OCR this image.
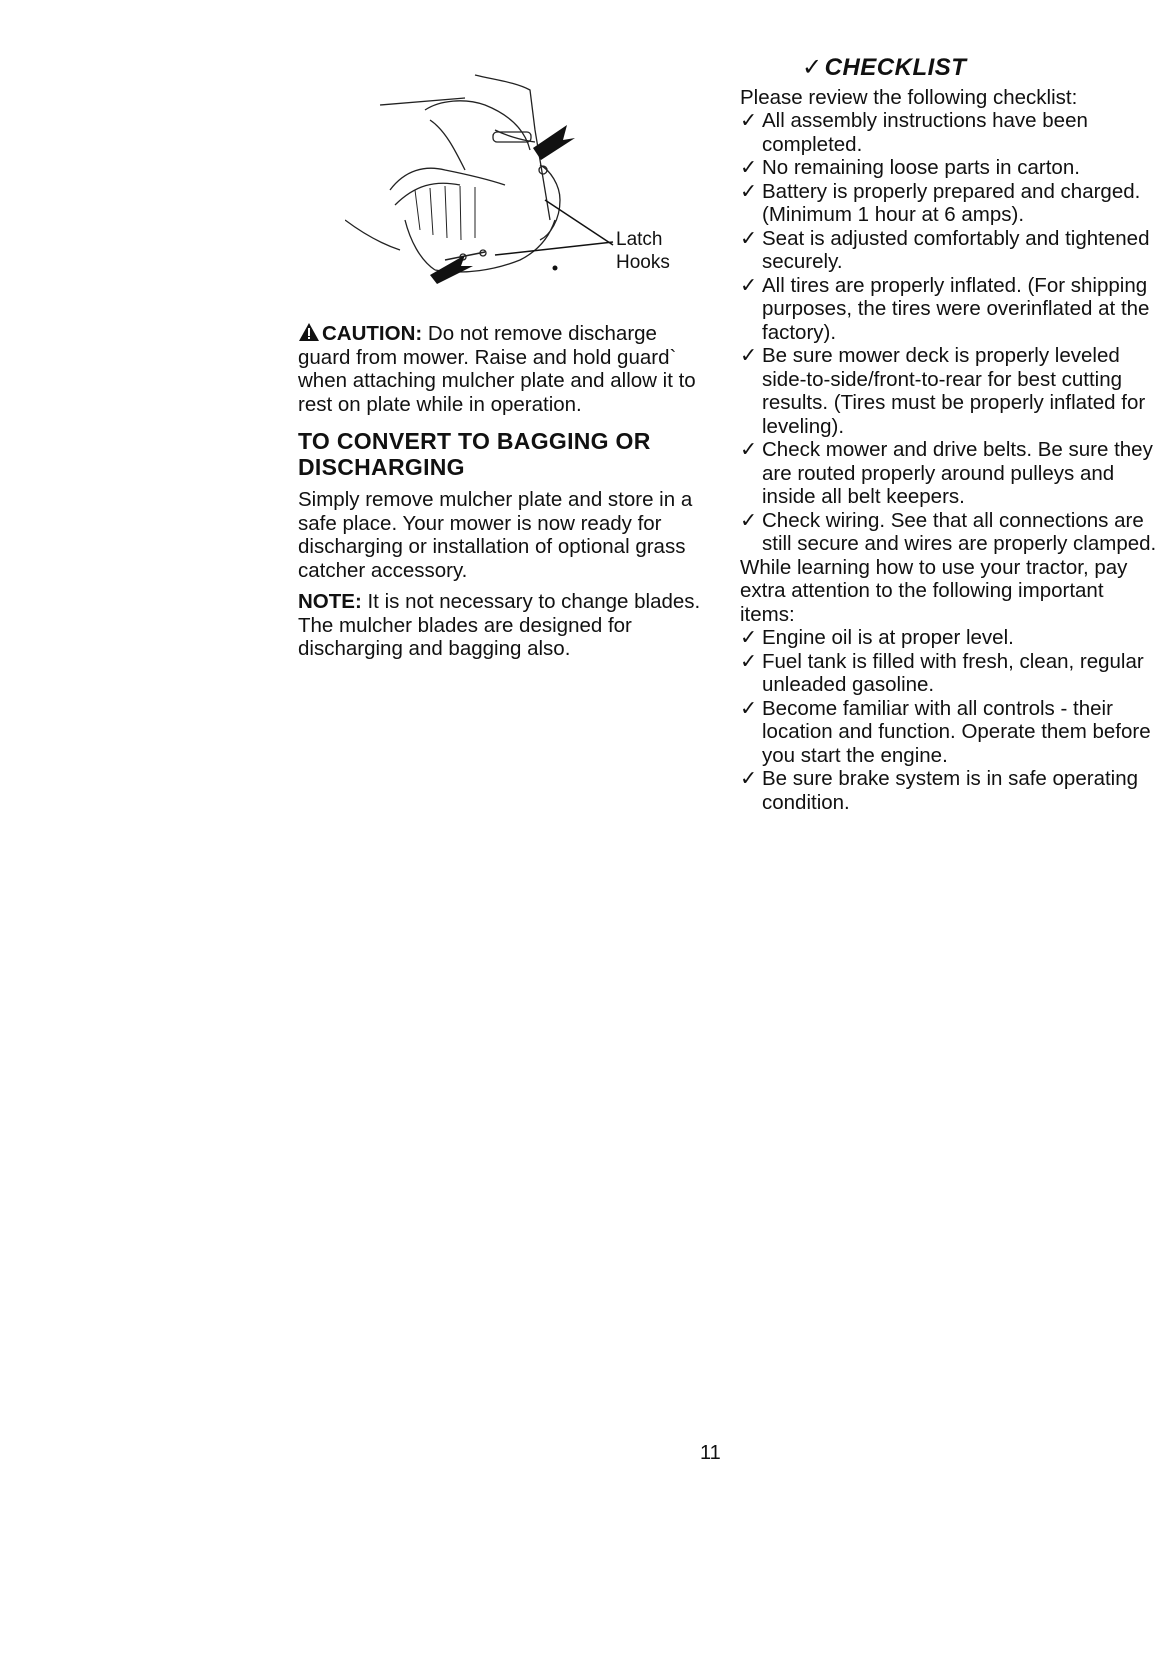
Latch
Hooks

CAUTION:
Do not remove discharge
guard from mower. Raise and hold guard` when attaching mulcher plate and allow it to rest on plate while in operation.

TO CONVERT TO BAGGING OR DISCHARGING

Simply remove mulcher plate and store in a safe place. Your mower is now ready for discharging or installation of optional grass catcher accessory.

NOTE: It is not necessary to change blades. The mulcher blades are designed for discharging and bagging also.

✓ CHECKLIST

Please review the following checklist:

✓ All assembly instructions have been completed.
✓ No remaining loose parts in carton.
✓ Battery is properly prepared and charged. (Minimum 1 hour at 6 amps).
✓ Seat is adjusted comfortably and tightened securely.
✓ All tires are properly inflated. (For shipping purposes, the tires were overinflated at the factory).
✓ Be sure mower deck is properly leveled side-to-side/front-to-rear for best cutting results. (Tires must be properly inflated for leveling).
✓ Check mower and drive belts. Be sure they are routed properly around pulleys and inside all belt keepers.
✓ Check wiring. See that all connections are still secure and wires are properly clamped.

While learning how to use your tractor, pay extra attention to the following important items:

✓ Engine oil is at proper level.
✓ Fuel tank is filled with fresh, clean, regular unleaded gasoline.
✓ Become familiar with all controls - their location and function. Operate them before you start the engine.
✓ Be sure brake system is in safe operating condition.
11
